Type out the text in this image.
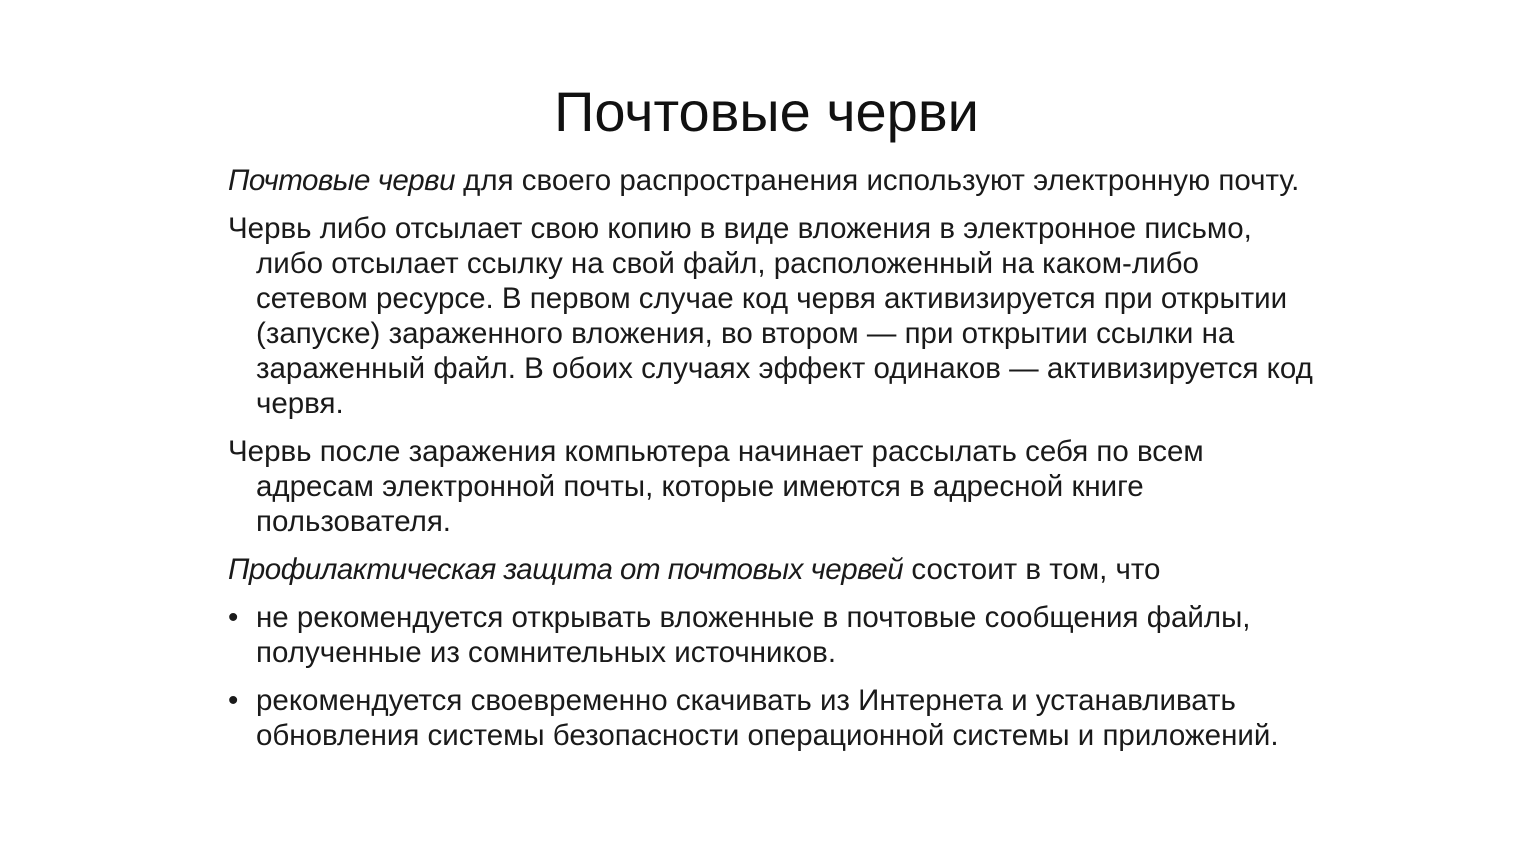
Почтовые черви

Почтовые черви для своего распространения используют электронную почту.

Червь либо отсылает свою копию в виде вложения в электронное письмо, либо отсылает ссылку на свой файл, расположенный на каком-либо сетевом ресурсе. В первом случае код червя активизируется при открытии (запуске) зараженного вложения, во втором — при открытии ссылки на зараженный файл. В обоих случаях эффект одинаков — активизируется код червя.

Червь после заражения компьютера начинает рассылать себя по всем адресам электронной почты, которые имеются в адресной книге пользователя.

Профилактическая защита от почтовых червей состоит в том, что

• не рекомендуется открывать вложенные в почтовые сообщения файлы, полученные из сомнительных источников.
• рекомендуется своевременно скачивать из Интернета и устанавливать обновления системы безопасности операционной системы и приложений.
